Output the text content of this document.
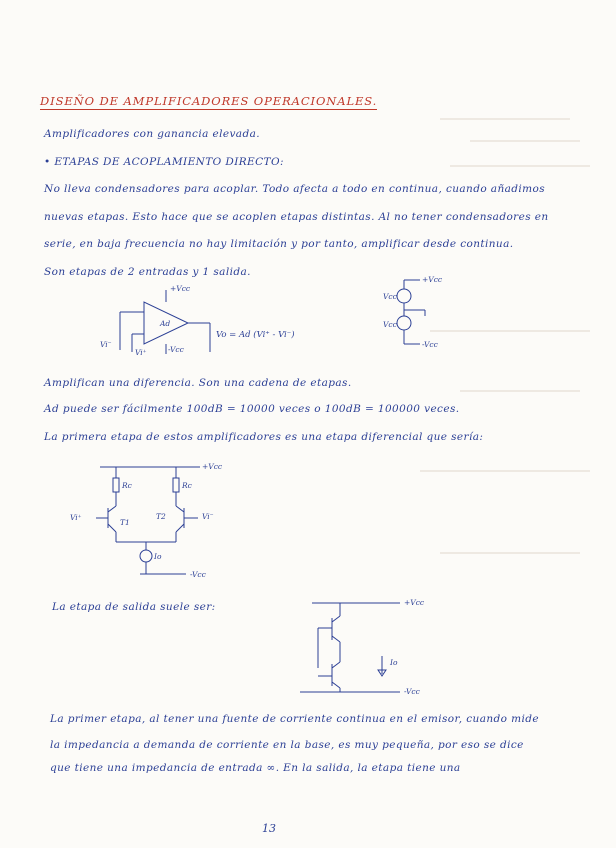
DISEÑO DE AMPLIFICADORES OPERACIONALES.
Amplificadores con ganancia elevada.
• ETAPAS DE ACOPLAMIENTO DIRECTO:
No lleva condensadores para acoplar. Todo afecta a todo en continua, cuando añadimos
nuevas etapas. Esto hace que se acoplen etapas distintas. Al no tener condensadores en
serie, en baja frecuencia no hay limitación y por tanto, amplificar desde continua.
Son etapas de 2 entradas y 1 salida.
Amplifican una diferencia. Son una cadena de etapas.
Ad puede ser fácilmente 100dB = 10000 veces o 100dB = 100000 veces.
La primera etapa de estos amplificadores es una etapa diferencial que sería:
La etapa de salida suele ser:
La primer etapa, al tener una fuente de corriente continua en el emisor, cuando mide
la impedancia a demanda de corriente en la base, es muy pequeña, por eso se dice
que tiene una impedancia de entrada ∞. En la salida, la etapa tiene una
+Vcc
Ad
-Vcc
Vi⁻
Vi⁺
Vo = Ad (Vi⁺ - Vi⁻)
+Vcc
Vcc
Vcc
-Vcc
+Vcc
Rc	Rc
T1
T2
Vi⁺	Vi⁻
Io
-Vcc
+Vcc
Io
-Vcc
13
